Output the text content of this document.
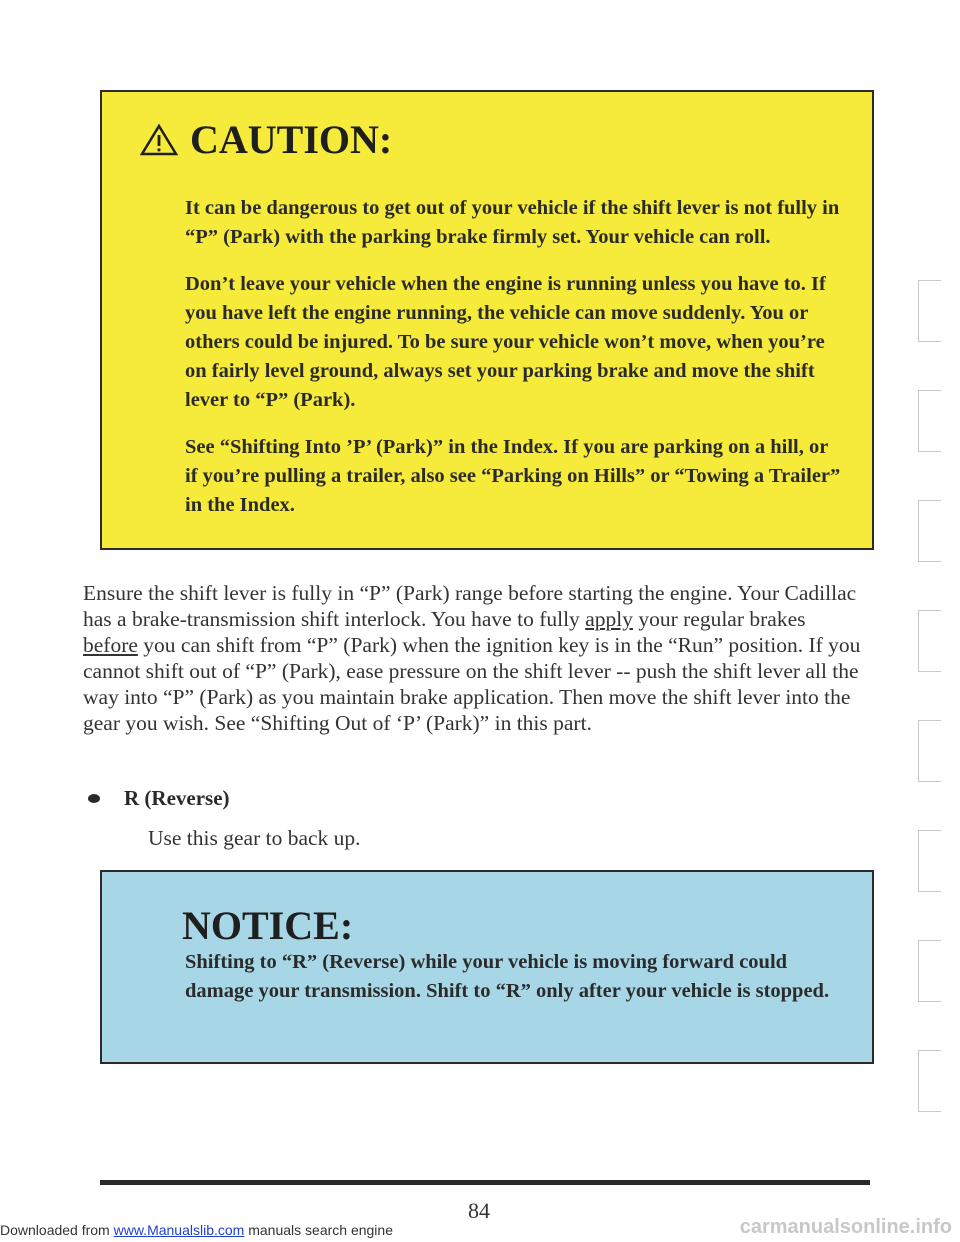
CAUTION:

It can be dangerous to get out of your vehicle if the shift lever is not fully in “P” (Park) with the parking brake firmly set. Your vehicle can roll.

Don’t leave your vehicle when the engine is running unless you have to. If you have left the engine running, the vehicle can move suddenly. You or others could be injured. To be sure your vehicle won’t move, when you’re on fairly level ground, always set your parking brake and move the shift lever to “P” (Park).

See “Shifting Into ’P’ (Park)” in the Index. If you are parking on a hill, or if you’re pulling a trailer, also see “Parking on Hills” or “Towing a Trailer” in the Index.

Ensure the shift lever is fully in “P” (Park) range before starting the engine. Your Cadillac has a brake-transmission shift interlock. You have to fully apply your regular brakes before you can shift from “P” (Park) when the ignition key is in the “Run” position. If you cannot shift out of “P” (Park), ease pressure on the shift lever -- push the shift lever all the way into “P” (Park) as you maintain brake application. Then move the shift lever into the gear you wish. See “Shifting Out of ‘P’ (Park)” in this part.

R (Reverse)
Use this gear to back up.
NOTICE:
Shifting to “R” (Reverse) while your vehicle is moving forward could damage your transmission. Shift to “R” only after your vehicle is stopped.
84
Downloaded from www.Manualslib.com manuals search engine	carmanualsonline.info
